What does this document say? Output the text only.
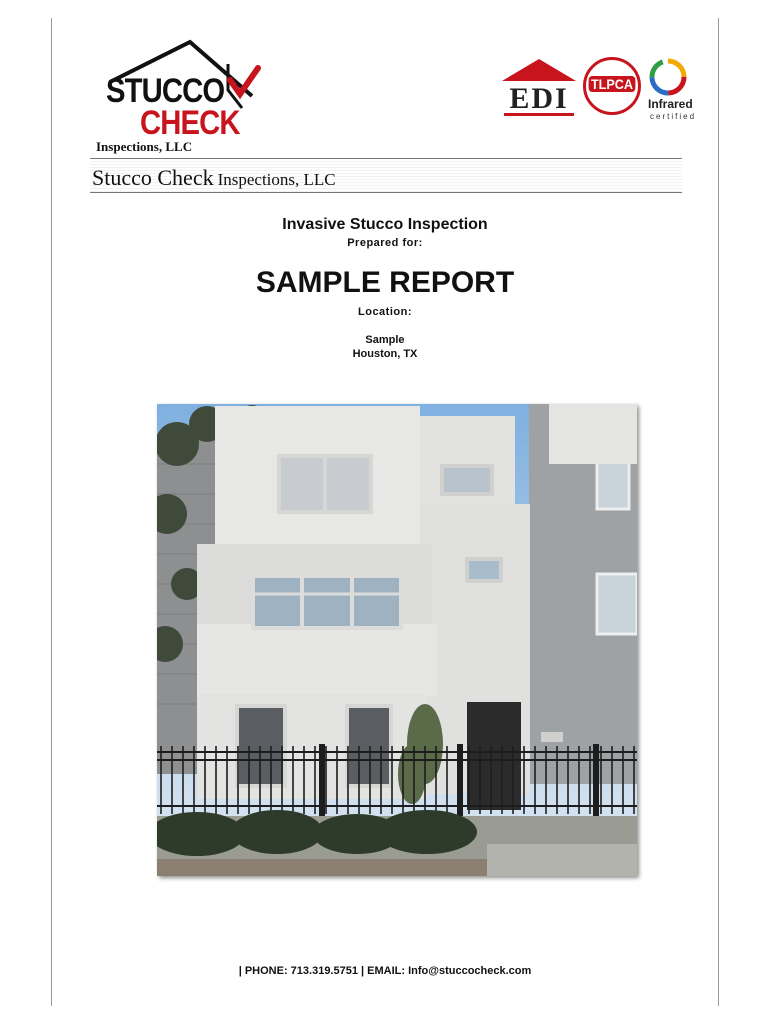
STUCCO
CHECK
Inspections, LLC
EDI	TLPCA
Infrared
certified
Stucco Check Inspections, LLC
Invasive Stucco Inspection
Prepared for:
SAMPLE REPORT
Location:
Sample
Houston, TX
| PHONE: 713.319.5751 | EMAIL: Info@stuccocheck.com
